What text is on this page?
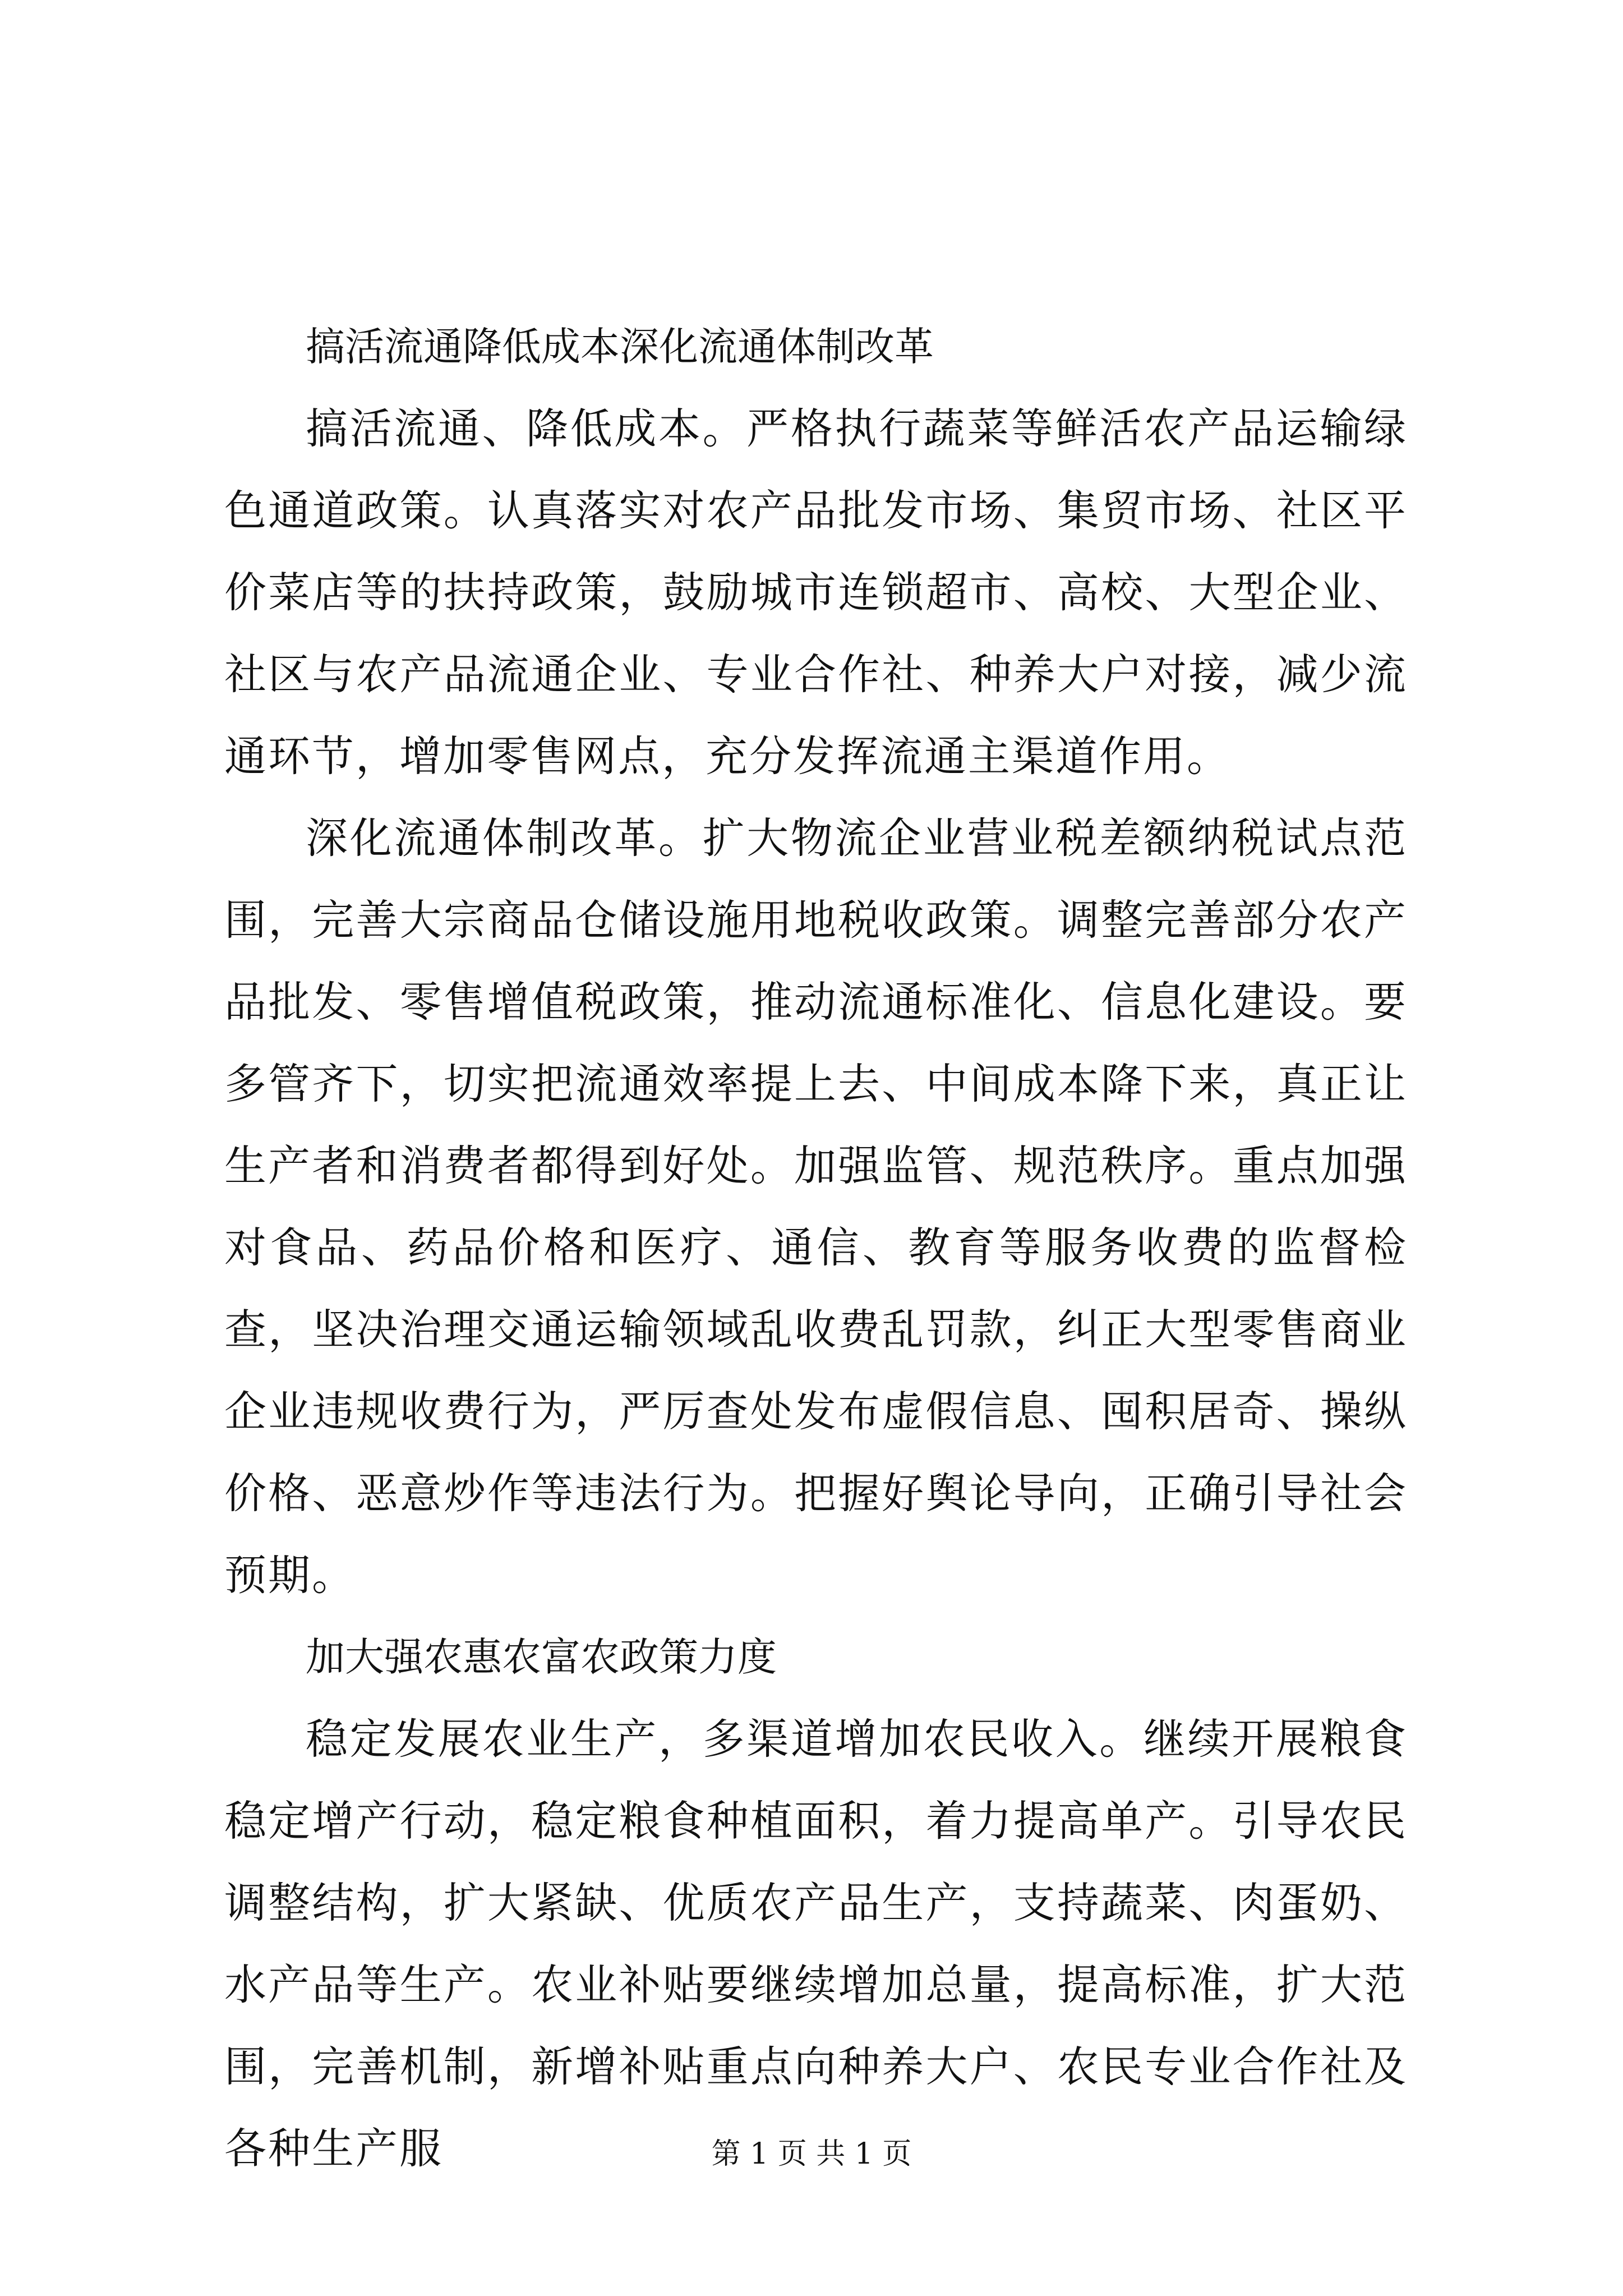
搞活流通降低成本深化流通体制改革

搞活流通、降低成本。严格执行蔬菜等鲜活农产品运输绿色通道政策。认真落实对农产品批发市场、集贸市场、社区平价菜店等的扶持政策，鼓励城市连锁超市、高校、大型企业、社区与农产品流通企业、专业合作社、种养大户对接，减少流通环节，增加零售网点，充分发挥流通主渠道作用。

深化流通体制改革。扩大物流企业营业税差额纳税试点范围，完善大宗商品仓储设施用地税收政策。调整完善部分农产品批发、零售增值税政策，推动流通标准化、信息化建设。要多管齐下，切实把流通效率提上去、中间成本降下来，真正让生产者和消费者都得到好处。加强监管、规范秩序。重点加强对食品、药品价格和医疗、通信、教育等服务收费的监督检查，坚决治理交通运输领域乱收费乱罚款，纠正大型零售商业企业违规收费行为，严厉查处发布虚假信息、囤积居奇、操纵价格、恶意炒作等违法行为。把握好舆论导向，正确引导社会预期。

加大强农惠农富农政策力度

稳定发展农业生产，多渠道增加农民收入。继续开展粮食稳定增产行动，稳定粮食种植面积，着力提高单产。引导农民调整结构，扩大紧缺、优质农产品生产，支持蔬菜、肉蛋奶、水产品等生产。农业补贴要继续增加总量，提高标准，扩大范围，完善机制，新增补贴重点向种养大户、农民专业合作社及各种生产服	第 1 页 共 1 页
